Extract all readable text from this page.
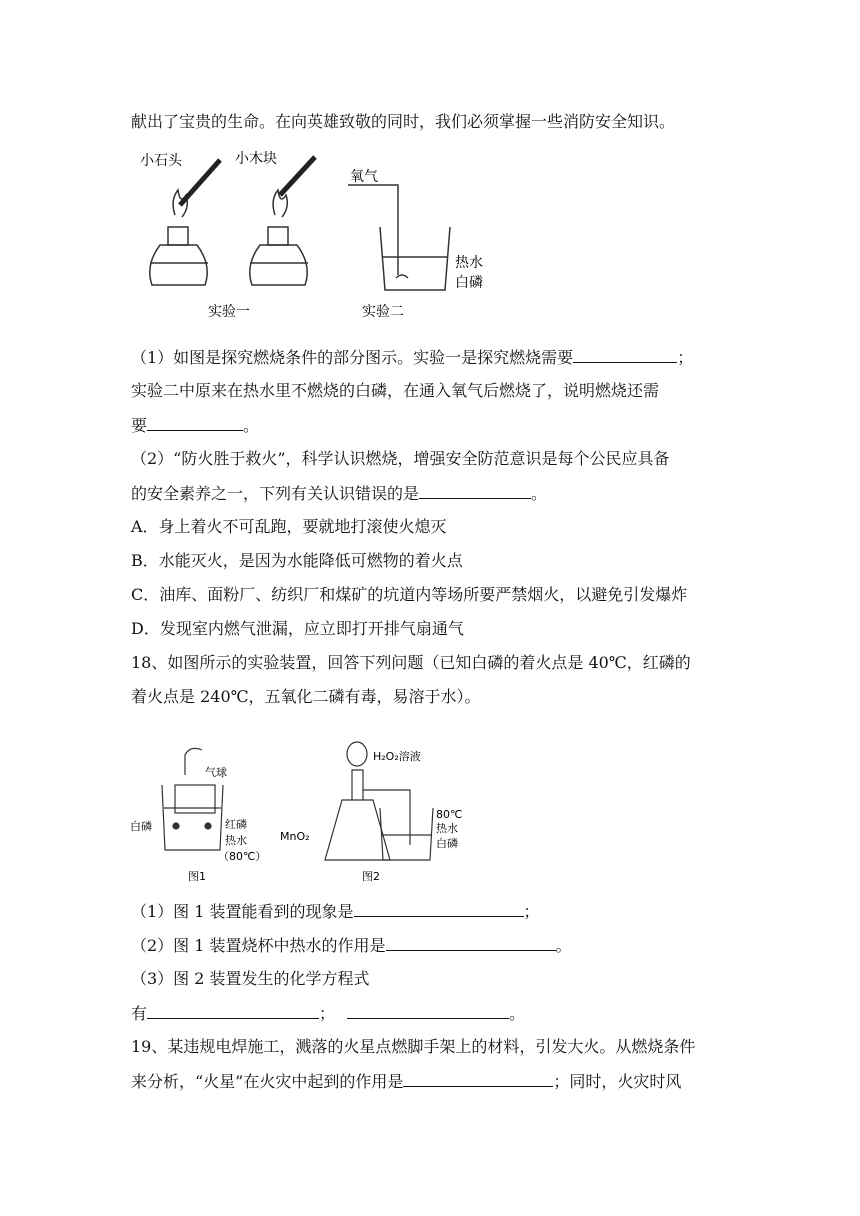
献出了宝贵的生命。在向英雄致敬的同时，我们必须掌握一些消防安全知识。
小石头	小木块
实验一
氧气
热水
白磷
实验二
（1）如图是探究燃烧条件的部分图示。实验一是探究燃烧需要	；
实验二中原来在热水里不燃烧的白磷，在通入氧气后燃烧了，说明燃烧还需
要	。
（2）“防火胜于救火”，科学认识燃烧，增强安全防范意识是每个公民应具备
的安全素养之一，下列有关认识错误的是	。
A．身上着火不可乱跑，要就地打滚使火熄灭
B．水能灭火，是因为水能降低可燃物的着火点
C．油库、面粉厂、纺织厂和煤矿的坑道内等场所要严禁烟火，以避免引发爆炸
D．发现室内燃气泄漏，应立即打开排气扇通气
18、如图所示的实验装置，回答下列问题（已知白磷的着火点是 40℃，红磷的
着火点是 240℃，五氧化二磷有毒，易溶于水）。
气球
白磷	红磷
热水
（80℃）
图1
H₂O₂溶液
MnO₂
80℃
热水
白磷
图2
（1）图 1 装置能看到的现象是	；
（2）图 1 装置烧杯中热水的作用是	。
（3）图 2 装置发生的化学方程式
有	；	。
19、某违规电焊施工，溅落的火星点燃脚手架上的材料，引发大火。从燃烧条件
来分析，“火星”在火灾中起到的作用是	；同时，火灾时风
